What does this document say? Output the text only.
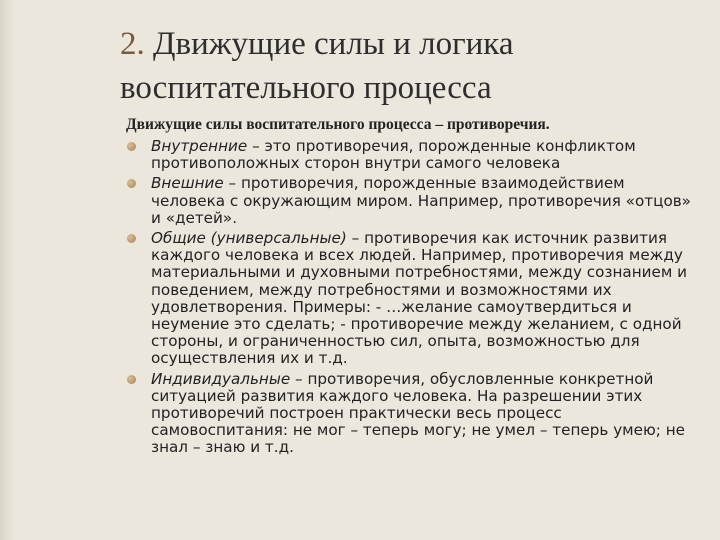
2. Движущие силы и логика
воспитательного процесса

Движущие силы воспитательного процесса – противоречия.

Внутренние – это противоречия, порожденные конфликтом противоположных сторон внутри самого человека
Внешние – противоречия, порожденные взаимодействием человека с окружающим миром. Например, противоречия «отцов» и «детей».
Общие (универсальные) – противоречия как источник развития каждого человека и всех людей. Например, противоречия между материальными и духовными потребностями, между сознанием и поведением, между потребностями и возможностями их удовлетворения. Примеры: - …желание самоутвердиться и неумение это сделать; - противоречие между желанием, с одной стороны, и ограниченностью сил, опыта, возможностью для осуществления их и т.д.
Индивидуальные – противоречия, обусловленные конкретной ситуацией развития каждого человека. На разрешении этих противоречий построен практически весь процесс самовоспитания: не мог – теперь могу; не умел – теперь умею; не знал – знаю и т.д.
